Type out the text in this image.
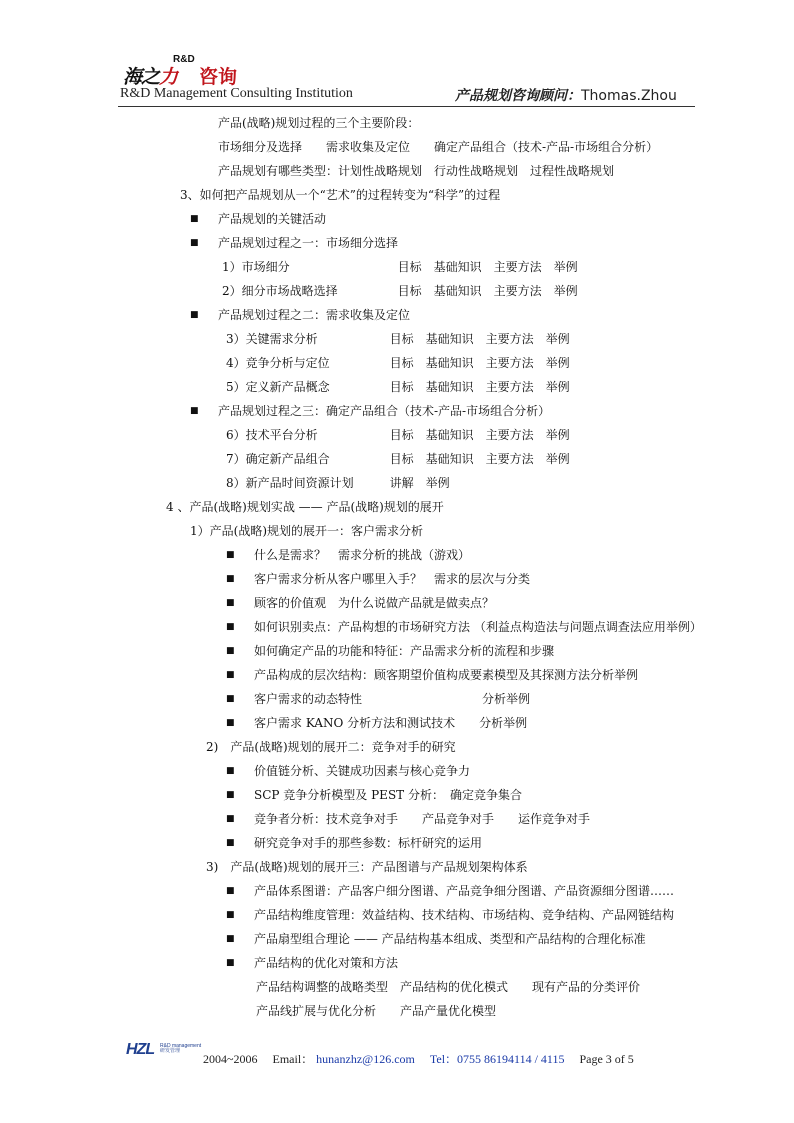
海之力
R&D
咨询
R&D Management Consulting Institution	产品规划咨询顾问：Thomas.Zhou
产品(战略)规划过程的三个主要阶段：
市场细分及选择　　需求收集及定位　　确定产品组合（技术-产品-市场组合分析）
产品规划有哪些类型：计划性战略规划　行动性战略规划　过程性战略规划
3、如何把产品规划从一个“艺术”的过程转变为“科学”的过程
■ 产品规划的关键活动
■ 产品规划过程之一：市场细分选择
1）市场细分　　　　　　　　　目标　基础知识　主要方法　举例
2）细分市场战略选择　　　　　目标　基础知识　主要方法　举例
■ 产品规划过程之二：需求收集及定位
3）关键需求分析　　　　　　目标　基础知识　主要方法　举例
4）竞争分析与定位　　　　　目标　基础知识　主要方法　举例
5）定义新产品概念　　　　　目标　基础知识　主要方法　举例
■ 产品规划过程之三：确定产品组合（技术-产品-市场组合分析）
6）技术平台分析　　　　　　目标　基础知识　主要方法　举例
7）确定新产品组合　　　　　目标　基础知识　主要方法　举例
8）新产品时间资源计划　　　讲解　举例
4 、产品(战略)规划实战 —— 产品(战略)规划的展开
1）产品(战略)规划的展开一：客户需求分析
■ 什么是需求？　需求分析的挑战（游戏）
■ 客户需求分析从客户哪里入手？　需求的层次与分类
■ 顾客的价值观　为什么说做产品就是做卖点？
■ 如何识别卖点：产品构想的市场研究方法 （利益点构造法与问题点调查法应用举例）
■ 如何确定产品的功能和特征：产品需求分析的流程和步骤
■ 产品构成的层次结构：顾客期望价值构成要素模型及其探测方法分析举例
■ 客户需求的动态特性　　　　　　　　　　分析举例
■ 客户需求 KANO 分析方法和测试技术　　分析举例
2)　产品(战略)规划的展开二：竞争对手的研究
■ 价值链分析、关键成功因素与核心竞争力
■ SCP 竞争分析模型及 PEST 分析：　确定竞争集合
■ 竞争者分析：技术竞争对手　　产品竞争对手　　运作竞争对手
■ 研究竞争对手的那些参数：标杆研究的运用
3)　产品(战略)规划的展开三：产品图谱与产品规划架构体系
■ 产品体系图谱：产品客户细分图谱、产品竞争细分图谱、产品资源细分图谱……
■ 产品结构维度管理：效益结构、技术结构、市场结构、竞争结构、产品网链结构
■ 产品扇型组合理论 —— 产品结构基本组成、类型和产品结构的合理化标准
■ 产品结构的优化对策和方法
产品结构调整的战略类型　产品结构的优化模式　　现有产品的分类评价
产品线扩展与优化分析　　产品产量优化模型
HZL R&D management
研发管理
2004~2006 Email： hunanzhz@126.com Tel：0755 86194114 / 4115 Page 3 of 5
